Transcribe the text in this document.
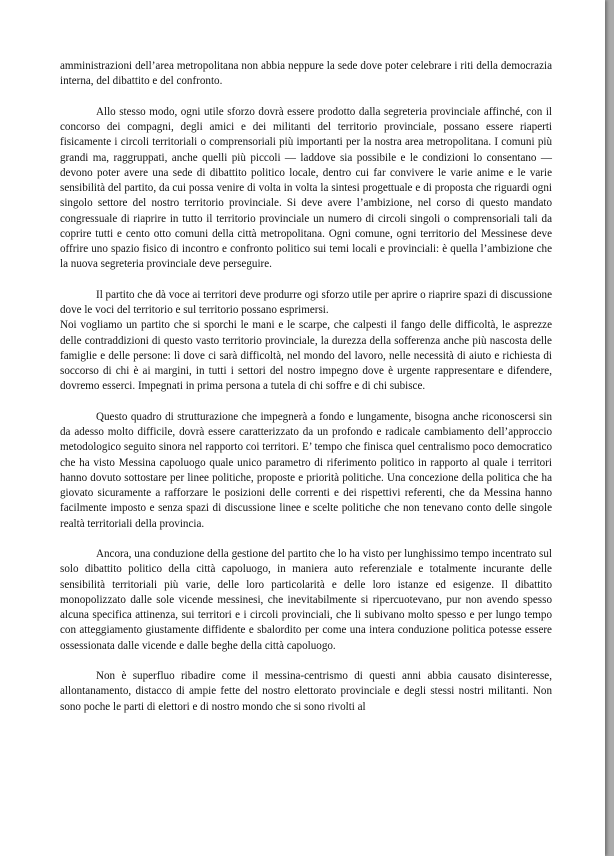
amministrazioni dell’area metropolitana non abbia neppure la sede dove poter celebrare i riti della democrazia interna, del dibattito e del confronto.

Allo stesso modo, ogni utile sforzo dovrà essere prodotto dalla segreteria provinciale affinché, con il concorso dei compagni, degli amici e dei militanti del territorio provinciale, possano essere riaperti fisicamente i circoli territoriali o comprensoriali più importanti per la nostra area metropolitana. I comuni più grandi ma, raggruppati, anche quelli più piccoli — laddove sia possibile e le condizioni lo consentano — devono poter avere una sede di dibattito politico locale, dentro cui far convivere le varie anime e le varie sensibilità del partito, da cui possa venire di volta in volta la sintesi progettuale e di proposta che riguardi ogni singolo settore del nostro territorio provinciale. Si deve avere l’ambizione, nel corso di questo mandato congressuale di riaprire in tutto il territorio provinciale un numero di circoli singoli o comprensoriali tali da coprire tutti e cento otto comuni della città metropolitana. Ogni comune, ogni territorio del Messinese deve offrire uno spazio fisico di incontro e confronto politico sui temi locali e provinciali: è quella l’ambizione che la nuova segreteria provinciale deve perseguire.

Il partito che dà voce ai territori deve produrre ogi sforzo utile per aprire o riaprire spazi di discussione dove le voci del territorio e sul territorio possano esprimersi.

Noi vogliamo un partito che si sporchi le mani e le scarpe, che calpesti il fango delle difficoltà, le asprezze delle contraddizioni di questo vasto territorio provinciale, la durezza della sofferenza anche più nascosta delle famiglie e delle persone: lì dove ci sarà difficoltà, nel mondo del lavoro, nelle necessità di aiuto e richiesta di soccorso di chi è ai margini, in tutti i settori del nostro impegno dove è urgente rappresentare e difendere, dovremo esserci. Impegnati in prima persona a tutela di chi soffre e di chi subisce.

Questo quadro di strutturazione che impegnerà a fondo e lungamente, bisogna anche riconoscersi sin da adesso molto difficile, dovrà essere caratterizzato da un profondo e radicale cambiamento dell’approccio metodologico seguito sinora nel rapporto coi territori. E’ tempo che finisca quel centralismo poco democratico che ha visto Messina capoluogo quale unico parametro di riferimento politico in rapporto al quale i territori hanno dovuto sottostare per linee politiche, proposte e priorità politiche. Una concezione della politica che ha giovato sicuramente a rafforzare le posizioni delle correnti e dei rispettivi referenti, che da Messina hanno facilmente imposto e senza spazi di discussione linee e scelte politiche che non tenevano conto delle singole realtà territoriali della provincia.

Ancora, una conduzione della gestione del partito che lo ha visto per lunghissimo tempo incentrato sul solo dibattito politico della città capoluogo, in maniera auto referenziale e totalmente incurante delle sensibilità territoriali più varie, delle loro particolarità e delle loro istanze ed esigenze. Il dibattito monopolizzato dalle sole vicende messinesi, che inevitabilmente si ripercuotevano, pur non avendo spesso alcuna specifica attinenza, sui territori e i circoli provinciali, che li subivano molto spesso e per lungo tempo con atteggiamento giustamente diffidente e sbalordito per come una intera conduzione politica potesse essere ossessionata dalle vicende e dalle beghe della città capoluogo.

Non è superfluo ribadire come il messina-centrismo di questi anni abbia causato disinteresse, allontanamento, distacco di ampie fette del nostro elettorato provinciale e degli stessi nostri militanti. Non sono poche le parti di elettori e di nostro mondo che si sono rivolti al
